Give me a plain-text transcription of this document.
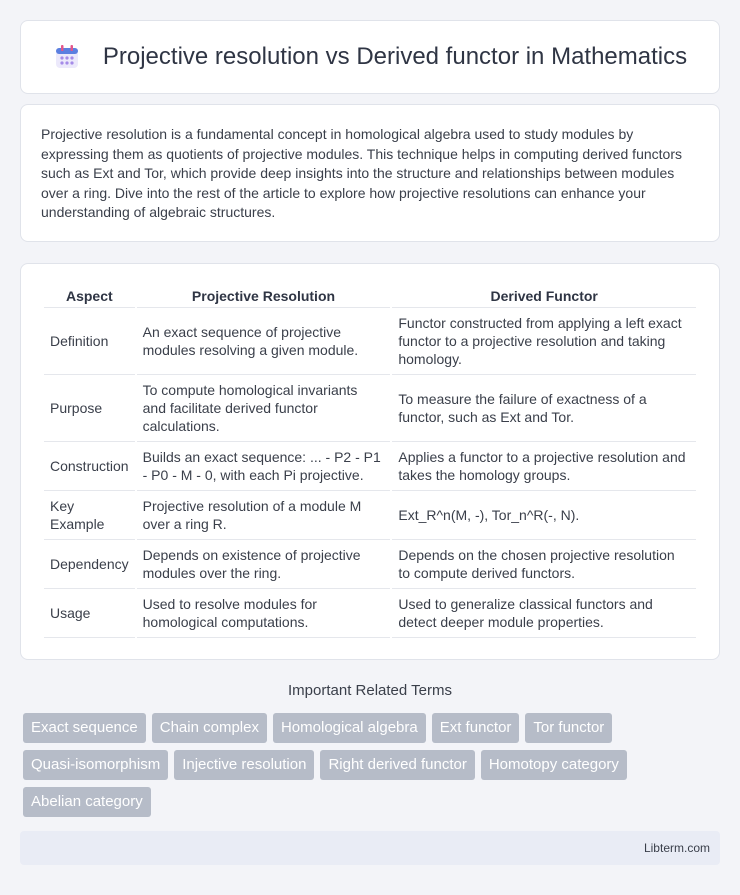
Projective resolution vs Derived functor in Mathematics

Projective resolution is a fundamental concept in homological algebra used to study modules by expressing them as quotients of projective modules. This technique helps in computing derived functors such as Ext and Tor, which provide deep insights into the structure and relationships between modules over a ring. Dive into the rest of the article to explore how projective resolutions can enhance your understanding of algebraic structures.

Aspect	Projective Resolution	Derived Functor
Definition	An exact sequence of projective modules resolving a given module.	Functor constructed from applying a left exact functor to a projective resolution and taking homology.
Purpose	To compute homological invariants and facilitate derived functor calculations.	To measure the failure of exactness of a functor, such as Ext and Tor.
Construction	Builds an exact sequence: ... - P2 - P1 - P0 - M - 0, with each Pi projective.	Applies a functor to a projective resolution and takes the homology groups.
Key Example	Projective resolution of a module M over a ring R.	Ext_R^n(M, -), Tor_n^R(-, N).
Dependency	Depends on existence of projective modules over the ring.	Depends on the chosen projective resolution to compute derived functors.
Usage	Used to resolve modules for homological computations.	Used to generalize classical functors and detect deeper module properties.
Important Related Terms
Exact sequence	Chain complex	Homological algebra	Ext functor	Tor functor
Quasi-isomorphism	Injective resolution	Right derived functor	Homotopy category
Abelian category
Libterm.com
